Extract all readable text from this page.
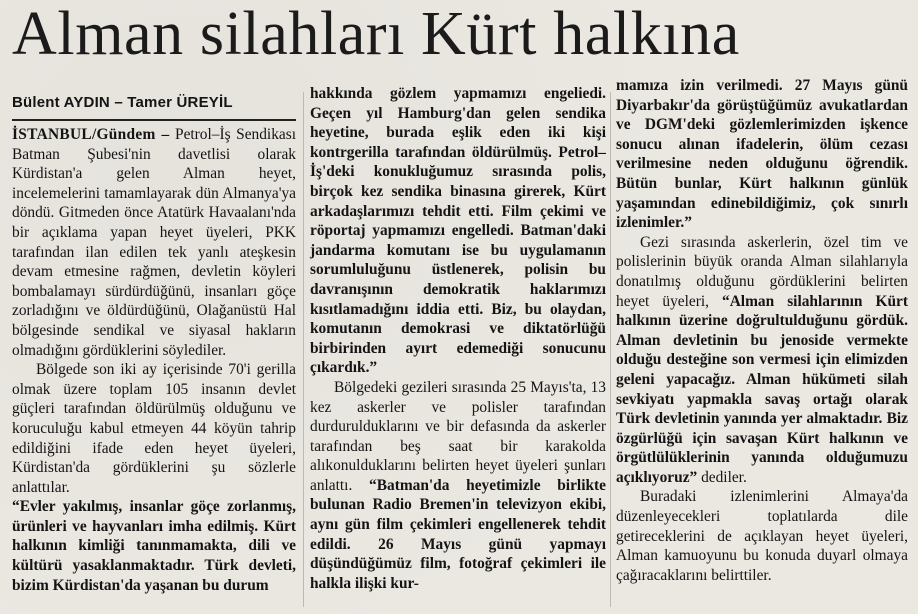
Alman silahları Kürt halkına
Bülent AYDIN – Tamer ÜREYİL

İSTANBUL/Gündem – Petrol–İş Sendikası Batman Şubesi'nin davetlisi olarak Kürdistan'a gelen Alman heyet, incelemelerini tamamlayarak dün Almanya'ya döndü. Gitmeden önce Atatürk Havaalanı'nda bir açıklama yapan heyet üyeleri, PKK tarafından ilan edilen tek yanlı ateşkesin devam etmesine rağmen, devletin köyleri bombalamayı sürdürdüğünü, insanları göçe zorladığını ve öldürdüğünü, Olağanüstü Hal bölgesinde sendikal ve siyasal hakların olmadığını gördüklerini söylediler.

Bölgede son iki ay içerisinde 70'i gerilla olmak üzere toplam 105 insanın devlet güçleri tarafından öldürülmüş olduğunu ve koruculuğu kabul etmeyen 44 köyün tahrip edildiğini ifade eden heyet üyeleri, Kürdistan'da gördüklerini şu sözlerle anlattılar.

“Evler yakılmış, insanlar göçe zorlanmış, ürünleri ve hayvanları imha edilmiş. Kürt halkının kimliği tanınmamakta, dili ve kültürü yasaklanmaktadır. Türk devleti, bizim Kürdistan'da yaşanan bu durum

hakkında gözlem yapmamızı engeliedi. Geçen yıl Hamburg'dan gelen sendika heyetine, burada eşlik eden iki kişi kontrgerilla tarafından öldürülmüş. Petrol–İş'deki konukluğumuz sırasında polis, birçok kez sendika binasına girerek, Kürt arkadaşlarımızı tehdit etti. Film çekimi ve röportaj yapmamızı engelledi. Batman'daki jandarma komutanı ise bu uygulamanın sorumluluğunu üstlenerek, polisin bu davranışının demokratik haklarımızı kısıtlamadığını iddia etti. Biz, bu olaydan, komutanın demokrasi ve diktatörlüğü birbirinden ayırt edemediği sonucunu çıkardık.”

Bölgedeki gezileri sırasında 25 Mayıs'ta, 13 kez askerler ve polisler tarafından durdurulduklarını ve bir defasında da askerler tarafından beş saat bir karakolda alıkonulduklarını belirten heyet üyeleri şunları anlattı. “Batman'da heyetimizle birlikte bulunan Radio Bremen'in televizyon ekibi, aynı gün film çekimleri engellenerek tehdit edildi. 26 Mayıs günü yapmayı düşündüğümüz film, fotoğraf çekimleri ile halkla ilişki kur-

mamıza izin verilmedi. 27 Mayıs günü Diyarbakır'da görüştüğümüz avukatlardan ve DGM'deki gözlemlerimizden işkence sonucu alınan ifadelerin, ölüm cezası verilmesine neden olduğunu öğrendik. Bütün bunlar, Kürt halkının günlük yaşamından edinebildiğimiz, çok sınırlı izlenimler.”

Gezi sırasında askerlerin, özel tim ve polislerinin büyük oranda Alman silahlarıyla donatılmış olduğunu gördüklerini belirten heyet üyeleri, “Alman silahlarının Kürt halkının üzerine doğrultulduğunu gördük. Alman devletinin bu jenoside vermekte olduğu desteğine son vermesi için elimizden geleni yapacağız. Alman hükümeti silah sevkiyatı yapmakla savaş ortağı olarak Türk devletinin yanında yer almaktadır. Biz özgürlüğü için savaşan Kürt halkının ve örgütlülüklerinin yanında olduğumuzu açıklıyoruz” dediler.

Buradaki izlenimlerini Almaya'da düzenleyecekleri toplatılarda dile getireceklerini de açıklayan heyet üyeleri, Alman kamuoyunu bu konuda duyarl olmaya çağıracaklarını belirttiler.
